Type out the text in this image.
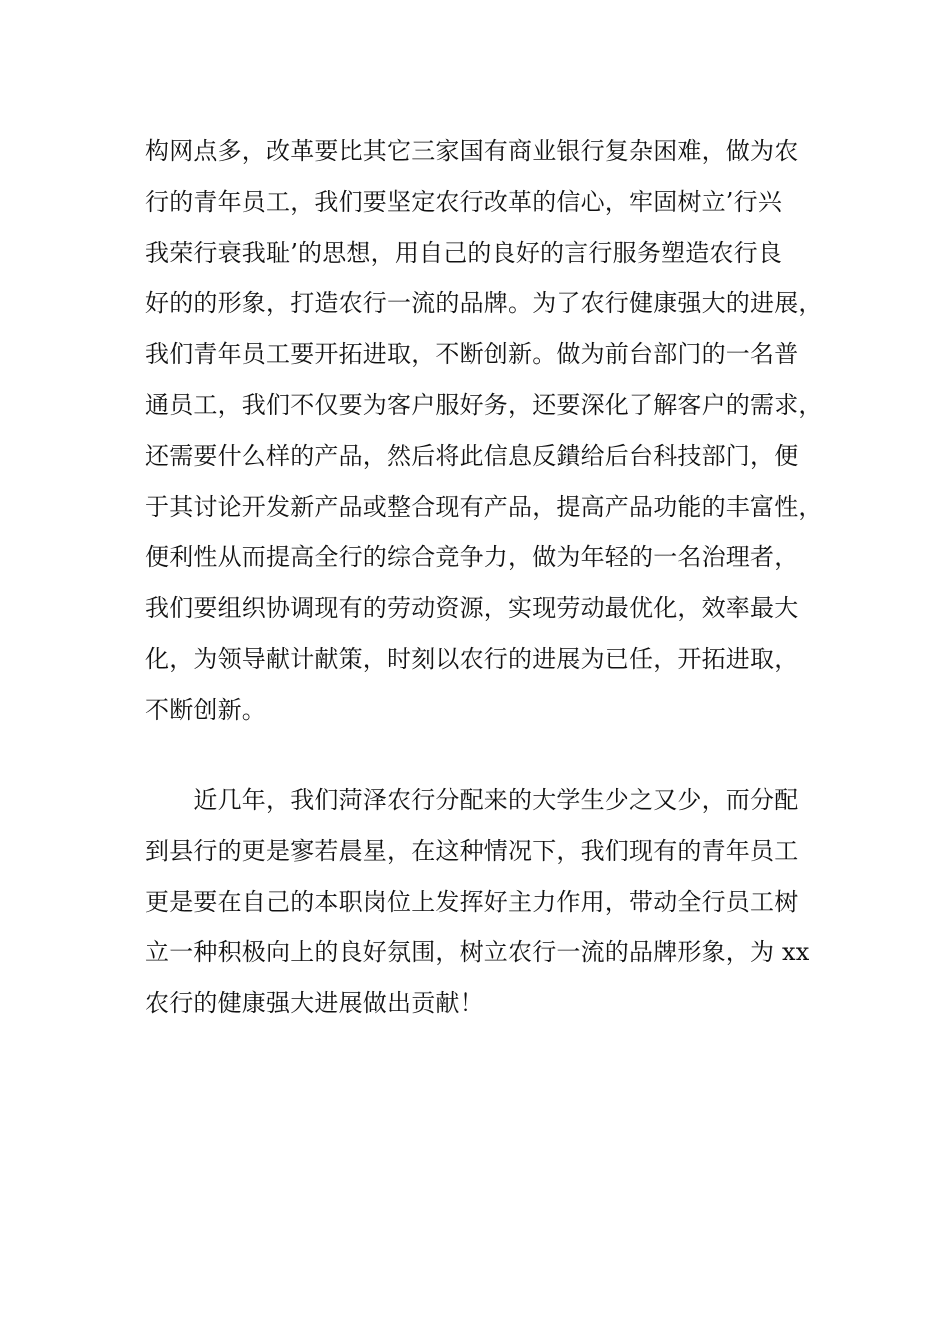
构网点多，改革要比其它三家国有商业银行复杂困难，做为农
行的青年员工，我们要坚定农行改革的信心，牢固树立’行兴
我荣行衰我耻’的思想，用自己的良好的言行服务塑造农行良
好的的形象，打造农行一流的品牌。为了农行健康强大的进展，
我们青年员工要开拓进取，不断创新。做为前台部门的一名普
通员工，我们不仅要为客户服好务，还要深化了解客户的需求，
还需要什么样的产品，然后将此信息反鐀给后台科技部门，便
于其讨论开发新产品或整合现有产品，提高产品功能的丰富性，
便利性从而提高全行的综合竞争力，做为年轻的一名治理者，
我们要组织协调现有的劳动资源，实现劳动最优化，效率最大
化，为领导献计献策，时刻以农行的进展为已任，开拓进取，
不断创新。
　　近几年，我们菏泽农行分配来的大学生少之又少，而分配
到县行的更是寥若晨星，在这种情况下，我们现有的青年员工
更是要在自己的本职岗位上发挥好主力作用，带动全行员工树
立一种积极向上的良好氛围，树立农行一流的品牌形象，为 xx
农行的健康强大进展做出贡献！
